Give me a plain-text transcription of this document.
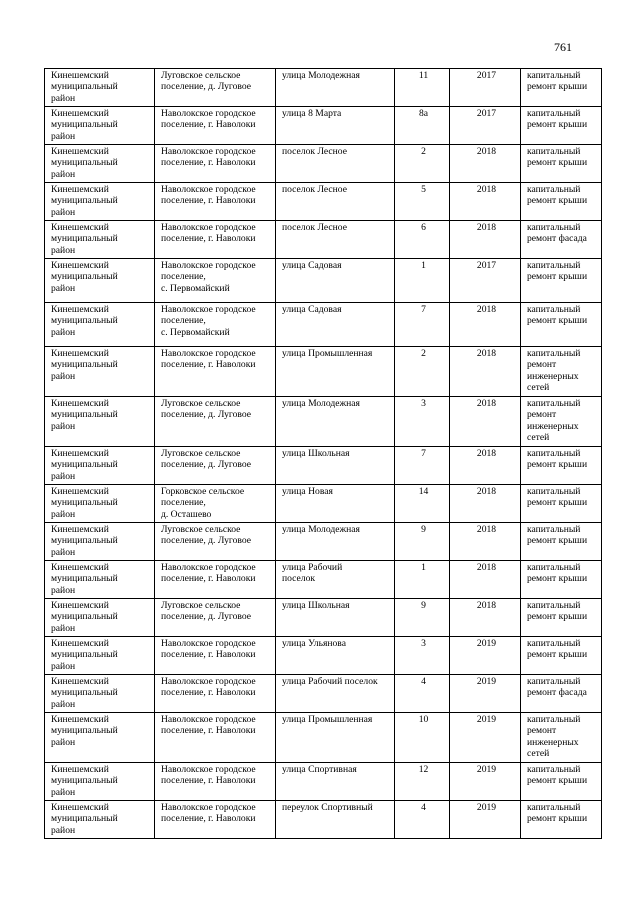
761
Кинешемский
муниципальный
район	Луговское сельское
поселение, д. Луговое	улица Молодежная	11	2017	капитальный
ремонт крыши
Кинешемский
муниципальный
район	Наволокское городское
поселение, г. Наволоки	улица 8 Марта	8а	2017	капитальный
ремонт крыши
Кинешемский
муниципальный
район	Наволокское городское
поселение, г. Наволоки	поселок Лесное	2	2018	капитальный
ремонт крыши
Кинешемский
муниципальный
район	Наволокское городское
поселение, г. Наволоки	поселок Лесное	5	2018	капитальный
ремонт крыши
Кинешемский
муниципальный
район	Наволокское городское
поселение, г. Наволоки	поселок Лесное	6	2018	капитальный
ремонт фасада
Кинешемский
муниципальный
район	Наволокское городское
поселение,
с. Первомайский	улица Садовая	1	2017	капитальный
ремонт крыши
Кинешемский
муниципальный
район	Наволокское городское
поселение,
с. Первомайский	улица Садовая	7	2018	капитальный
ремонт крыши
Кинешемский
муниципальный
район	Наволокское городское
поселение, г. Наволоки	улица Промышленная	2	2018	капитальный
ремонт
инженерных
сетей
Кинешемский
муниципальный
район	Луговское сельское
поселение, д. Луговое	улица Молодежная	3	2018	капитальный
ремонт
инженерных
сетей
Кинешемский
муниципальный
район	Луговское сельское
поселение, д. Луговое	улица Школьная	7	2018	капитальный
ремонт крыши
Кинешемский
муниципальный
район	Горковское сельское
поселение,
д. Осташево	улица Новая	14	2018	капитальный
ремонт крыши
Кинешемский
муниципальный
район	Луговское сельское
поселение, д. Луговое	улица Молодежная	9	2018	капитальный
ремонт крыши
Кинешемский
муниципальный
район	Наволокское городское
поселение, г. Наволоки	улица Рабочий
поселок	1	2018	капитальный
ремонт крыши
Кинешемский
муниципальный
район	Луговское сельское
поселение, д. Луговое	улица Школьная	9	2018	капитальный
ремонт крыши
Кинешемский
муниципальный
район	Наволокское городское
поселение, г. Наволоки	улица Ульянова	3	2019	капитальный
ремонт крыши
Кинешемский
муниципальный
район	Наволокское городское
поселение, г. Наволоки	улица Рабочий поселок	4	2019	капитальный
ремонт фасада
Кинешемский
муниципальный
район	Наволокское городское
поселение, г. Наволоки	улица Промышленная	10	2019	капитальный
ремонт
инженерных
сетей
Кинешемский
муниципальный
район	Наволокское городское
поселение, г. Наволоки	улица Спортивная	12	2019	капитальный
ремонт крыши
Кинешемский
муниципальный
район	Наволокское городское
поселение, г. Наволоки	переулок Спортивный	4	2019	капитальный
ремонт крыши
